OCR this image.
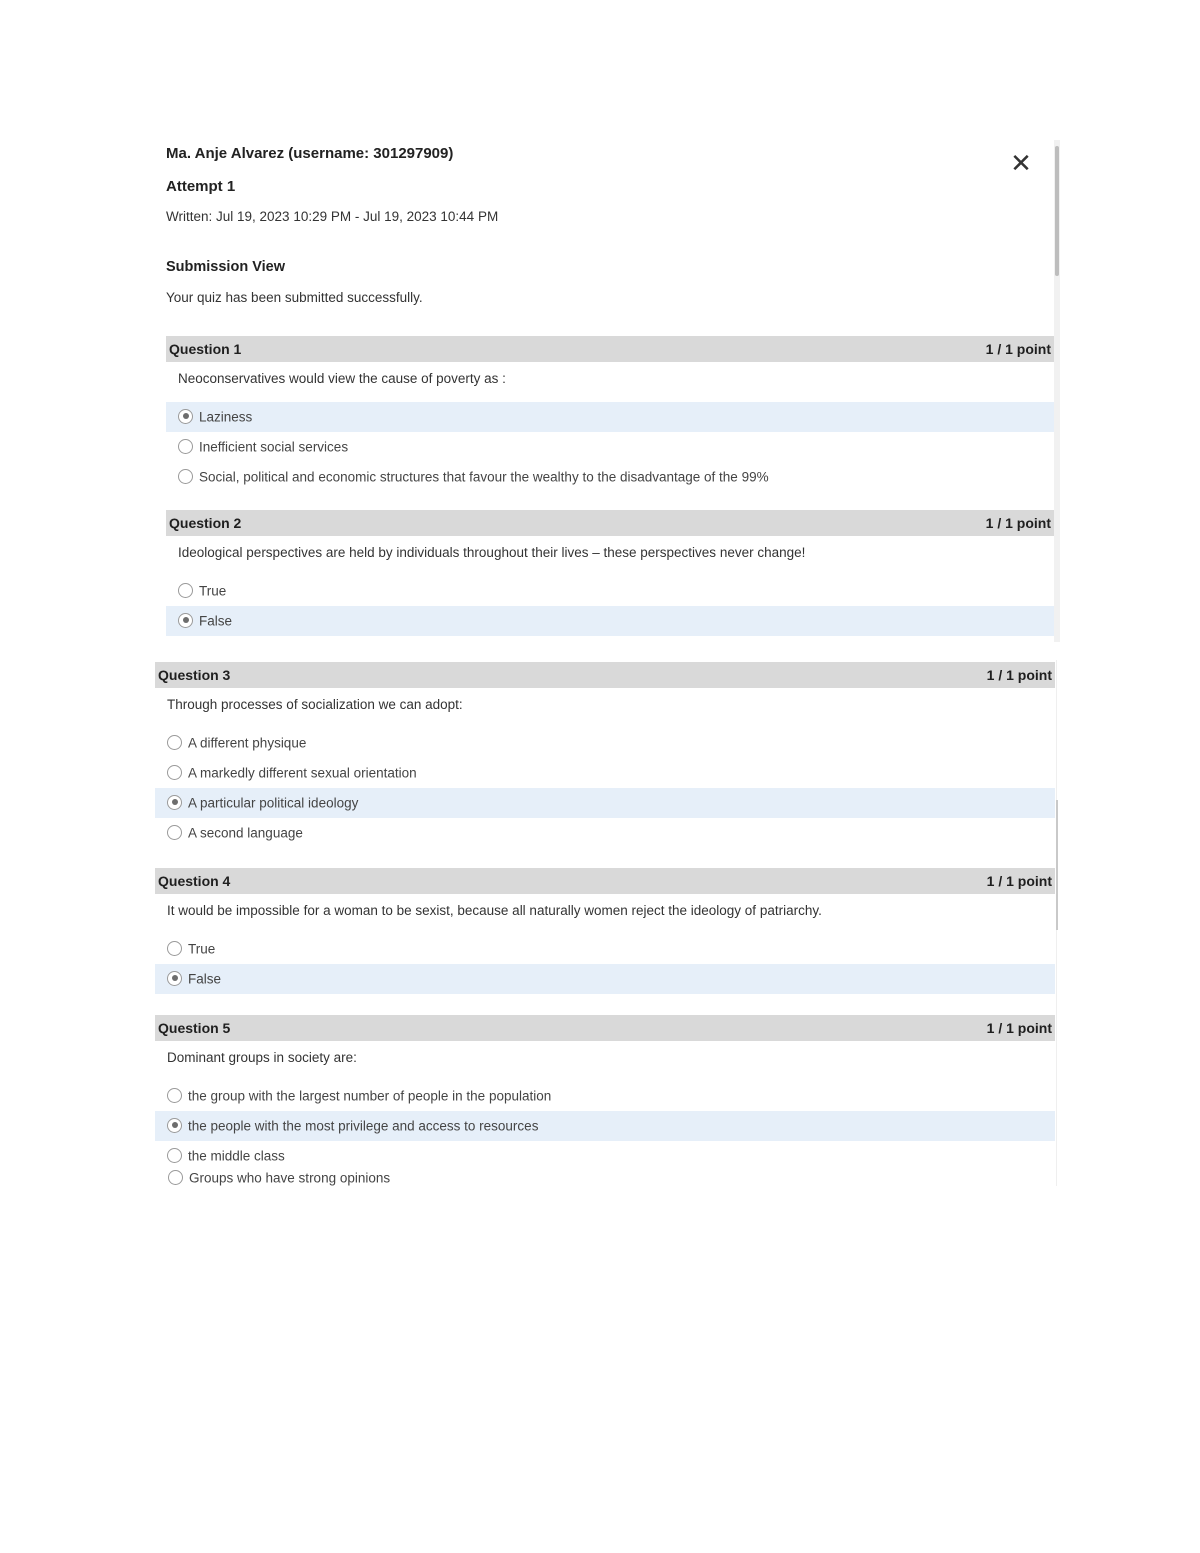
✕
Ma. Anje Alvarez (username: 301297909)
Attempt 1
Written: Jul 19, 2023 10:29 PM - Jul 19, 2023 10:44 PM
Submission View
Your quiz has been submitted successfully.
Question 1	1 / 1 point
Neoconservatives would view the cause of poverty as :
Laziness
Inefficient social services
Social, political and economic structures that favour the wealthy to the disadvantage of the 99%
Question 2	1 / 1 point
Ideological perspectives are held by individuals throughout their lives – these perspectives never change!
True
False
Question 3	1 / 1 point
Through processes of socialization we can adopt:
A different physique
A markedly different sexual orientation
A particular political ideology
A second language
Question 4	1 / 1 point
It would be impossible for a woman to be sexist, because all naturally women reject the ideology of patriarchy.
True
False
Question 5	1 / 1 point
Dominant groups in society are:
the group with the largest number of people in the population
the people with the most privilege and access to resources
the middle class
Groups who have strong opinions
